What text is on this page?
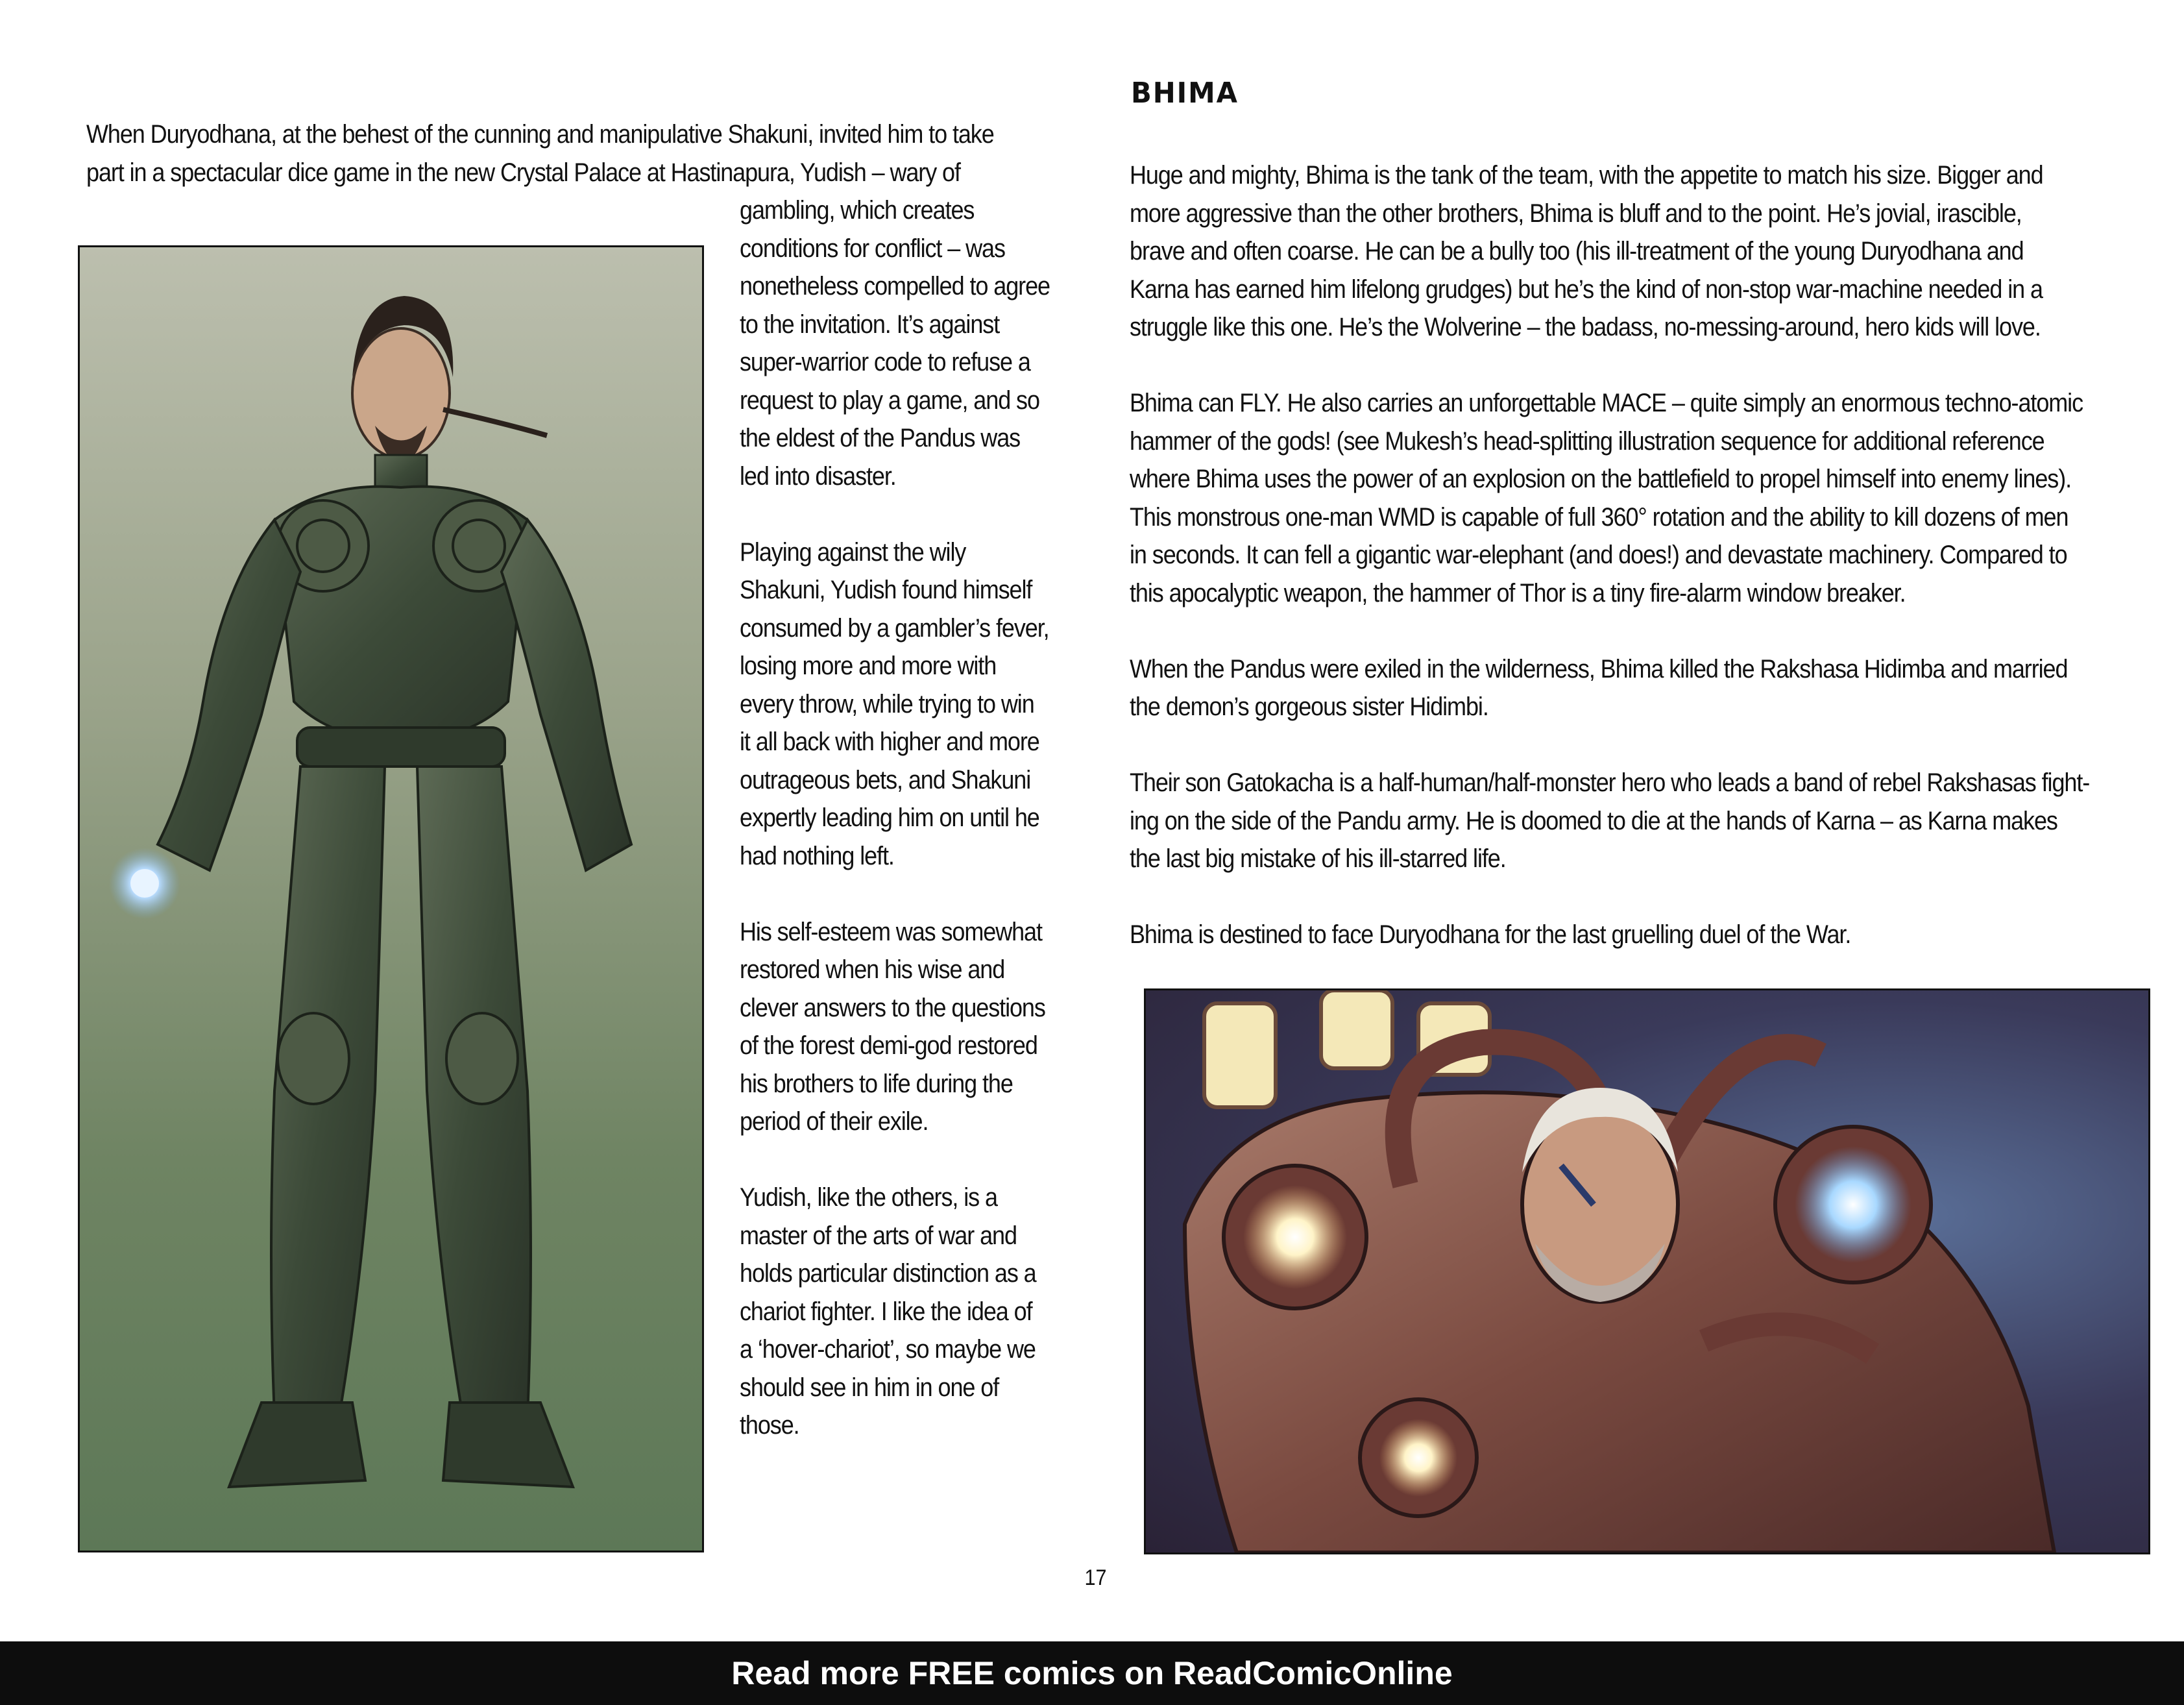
When Duryodhana, at the behest of the cunning and manipulative Shakuni, invited him to take
part in a spectacular dice game in the new Crystal Palace at Hastinapura, Yudish – wary of

gambling, which creates
conditions for conflict – was
nonetheless compelled to agree
to the invitation. It’s against
super-warrior code to refuse a
request to play a game, and so
the eldest of the Pandus was
led into disaster.
Playing against the wily
Shakuni, Yudish found himself
consumed by a gambler’s fever,
losing more and more with
every throw, while trying to win
it all back with higher and more
outrageous bets, and Shakuni
expertly leading him on until he
had nothing left.
His self-esteem was somewhat
restored when his wise and
clever answers to the questions
of the forest demi-god restored
his brothers to life during the
period of their exile.
Yudish, like the others, is a
master of the arts of war and
holds particular distinction as a
chariot fighter. I like the idea of
a ‘hover-chariot’, so maybe we
should see in him in one of
those.
BHIMA
Huge and mighty, Bhima is the tank of the team, with the appetite to match his size. Bigger and
more aggressive than the other brothers, Bhima is bluff and to the point. He’s jovial, irascible,
brave and often coarse. He can be a bully too (his ill-treatment of the young Duryodhana and
Karna has earned him lifelong grudges) but he’s the kind of non-stop war-machine needed in a
struggle like this one. He’s the Wolverine – the badass, no-messing-around, hero kids will love.
Bhima can FLY. He also carries an unforgettable MACE – quite simply an enormous techno-atomic
hammer of the gods! (see Mukesh’s head-splitting illustration sequence for additional reference
where Bhima uses the power of an explosion on the battlefield to propel himself into enemy lines).
This monstrous one-man WMD is capable of full 360° rotation and the ability to kill dozens of men
in seconds. It can fell a gigantic war-elephant (and does!) and devastate machinery. Compared to
this apocalyptic weapon, the hammer of Thor is a tiny fire-alarm window breaker.
When the Pandus were exiled in the wilderness, Bhima killed the Rakshasa Hidimba and married
the demon’s gorgeous sister Hidimbi.
Their son Gatokacha is a half-human/half-monster hero who leads a band of rebel Rakshasas fight-
ing on the side of the Pandu army. He is doomed to die at the hands of Karna – as Karna makes
the last big mistake of his ill-starred life.
Bhima is destined to face Duryodhana for the last gruelling duel of the War.
17
Read more FREE comics on ReadComicOnline
